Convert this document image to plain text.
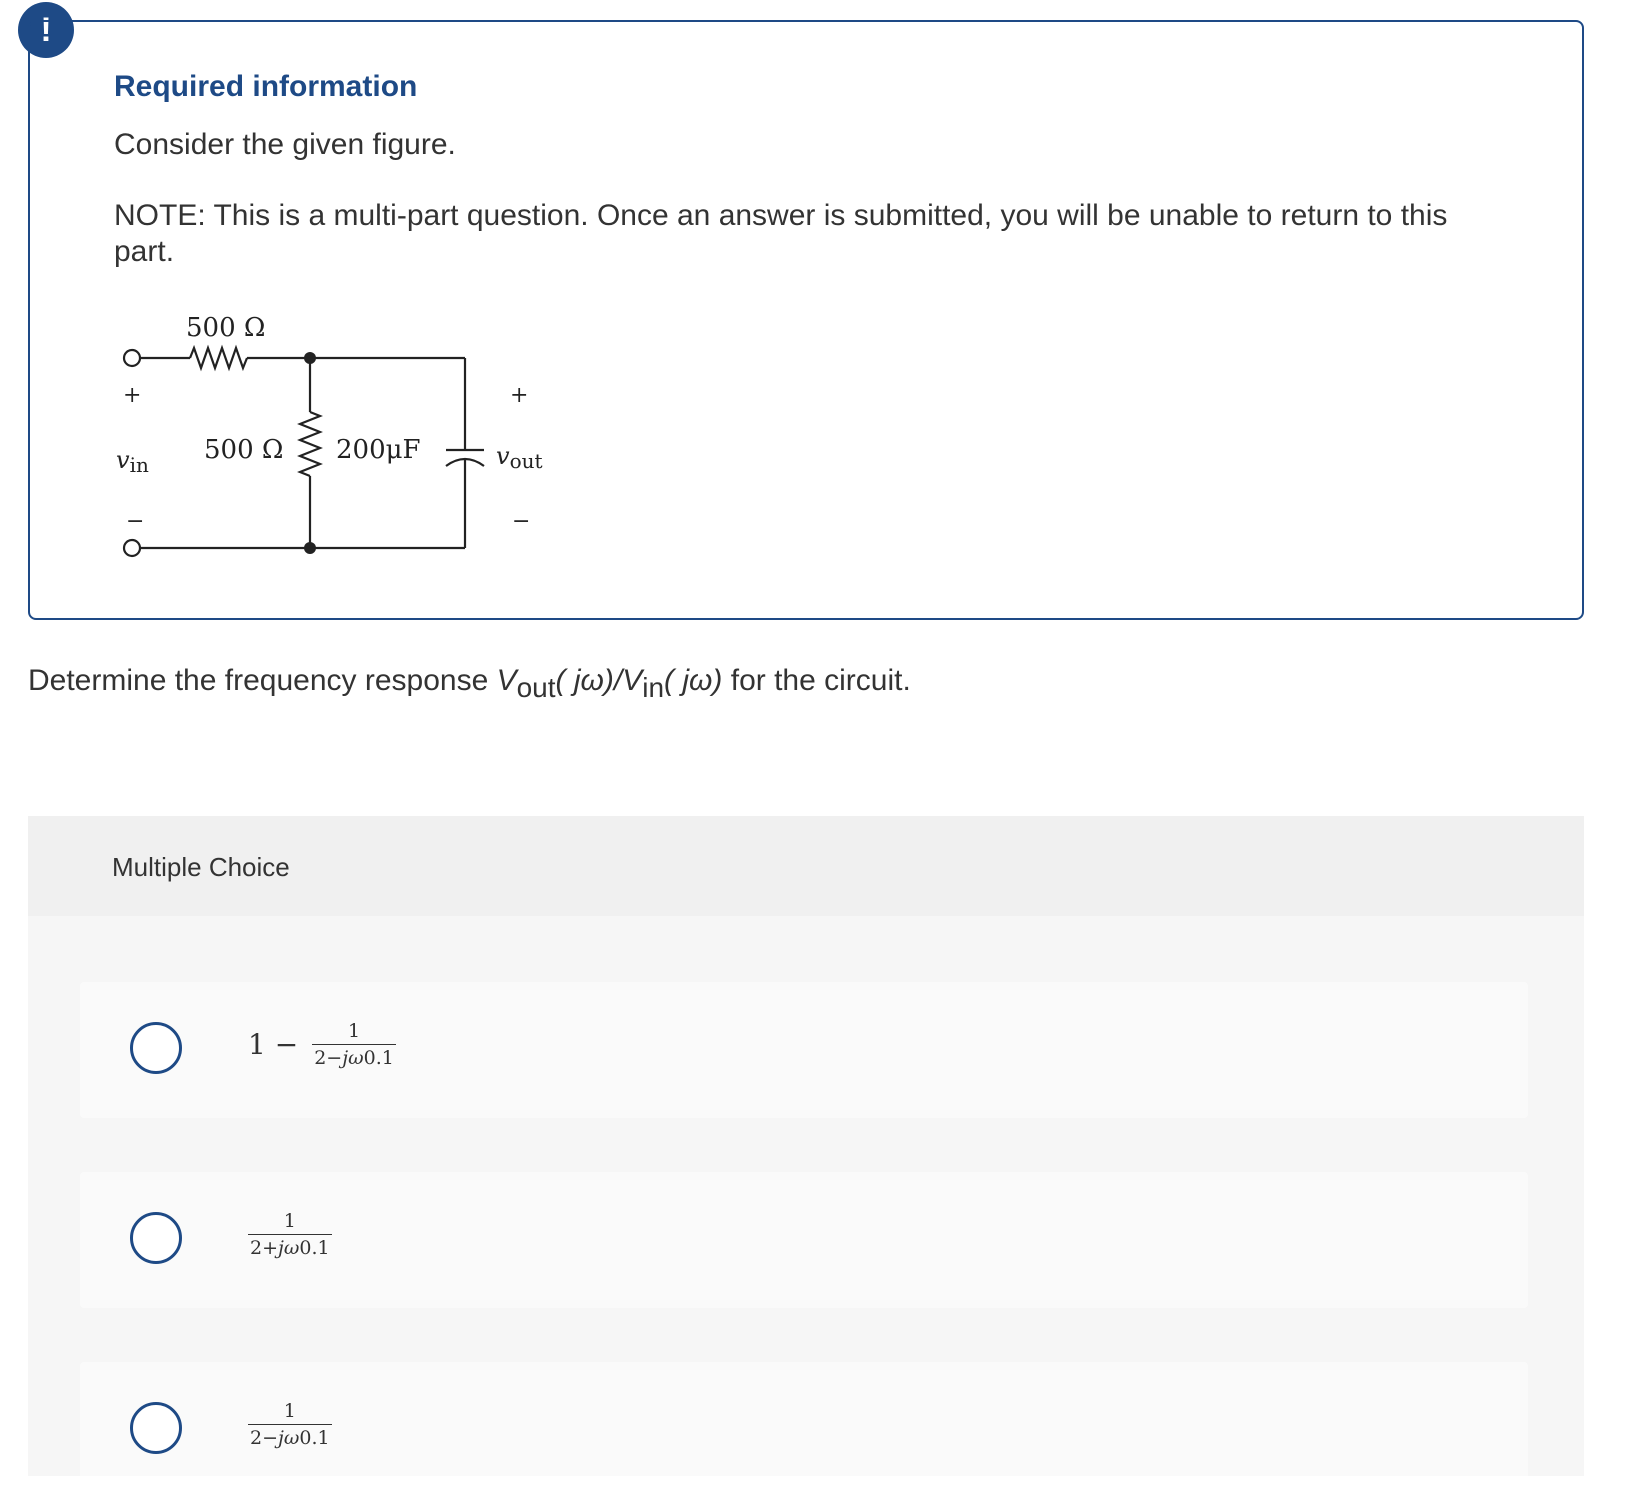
!
Required information
Consider the given figure.
NOTE: This is a multi-part question. Once an answer is submitted, you will be unable to return to this part.
500 Ω
500 Ω 200μF
+
vin
−
+
vout
−
Determine the frequency response $V_{out}$( $j\omega)/V_{in}$( jω) for the circuit.
Multiple Choice
$1 - \frac{1}{2-j\omega 0.1}$
$\frac{1}{2+j\omega 0.1}$
$\frac{1}{2-j\omega 0.1}$
